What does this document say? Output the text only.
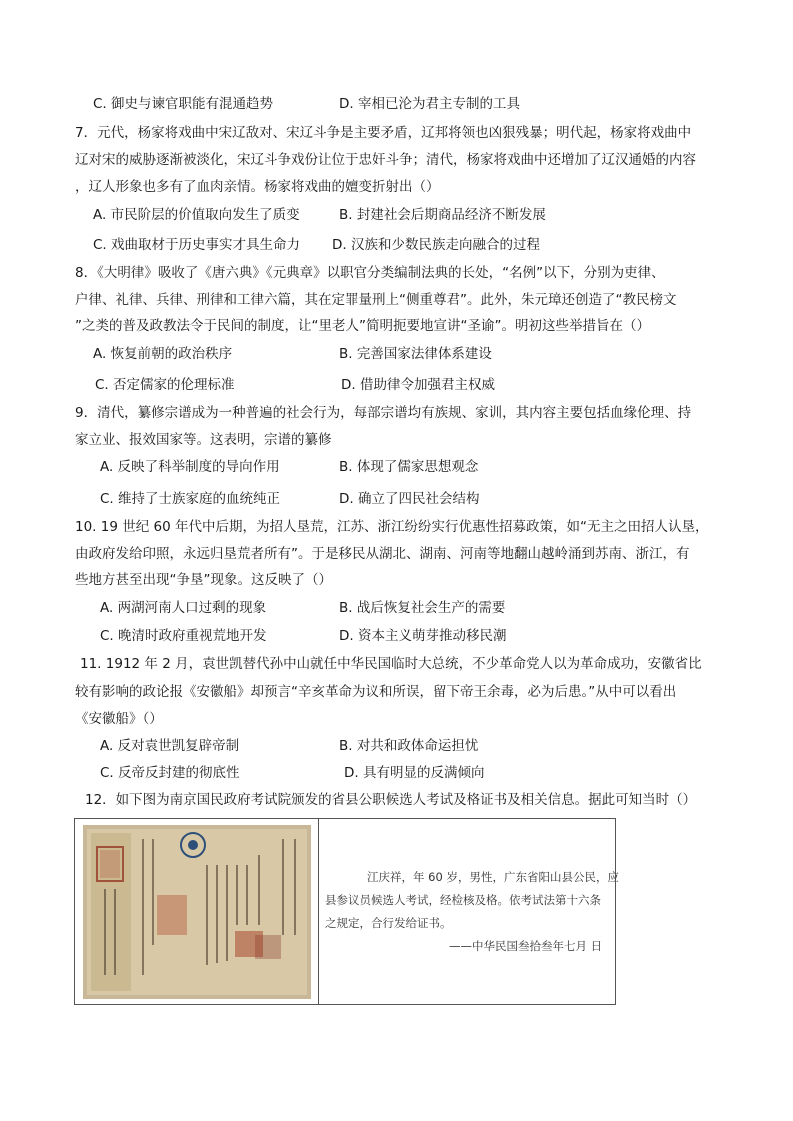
C. 御史与谏官职能有混通趋势	D. 宰相已沦为君主专制的工具
7．元代，杨家将戏曲中宋辽敌对、宋辽斗争是主要矛盾，辽邦将领也凶狠残暴；明代起，杨家将戏曲中
辽对宋的威胁逐渐被淡化，宋辽斗争戏份让位于忠奸斗争；清代，杨家将戏曲中还增加了辽汉通婚的内容
，辽人形象也多有了血肉亲情。杨家将戏曲的嬗变折射出（）
A. 市民阶层的价值取向发生了质变	B. 封建社会后期商品经济不断发展
C. 戏曲取材于历史事实才具生命力 D. 汉族和少数民族走向融合的过程
8．《大明律》吸收了《唐六典》《元典章》以职官分类编制法典的长处，“名例”以下，分别为吏律、
户律、礼律、兵律、刑律和工律六篇，其在定罪量刑上“侧重尊君”。此外，朱元璋还创造了“教民榜文
”之类的普及政教法令于民间的制度，让“里老人”简明扼要地宣讲“圣谕”。明初这些举措旨在（）
A. 恢复前朝的政治秩序	B. 完善国家法律体系建设
C. 否定儒家的伦理标准	D. 借助律令加强君主权威
9．清代，纂修宗谱成为一种普遍的社会行为，每部宗谱均有族规、家训，其内容主要包括血缘伦理、持
家立业、报效国家等。这表明，宗谱的纂修
A. 反映了科举制度的导向作用	B. 体现了儒家思想观念
C. 维持了士族家庭的血统纯正	D. 确立了四民社会结构
10. 19 世纪 60 年代中后期，为招人垦荒，江苏、浙江纷纷实行优惠性招募政策，如“无主之田招人认垦，
由政府发给印照，永远归垦荒者所有”。于是移民从湖北、湖南、河南等地翻山越岭涌到苏南、浙江，有
些地方甚至出现“争垦”现象。这反映了（）
A. 两湖河南人口过剩的现象	B. 战后恢复社会生产的需要
C. 晚清时政府重视荒地开发	D. 资本主义萌芽推动移民潮
11. 1912 年 2 月，袁世凯替代孙中山就任中华民国临时大总统，不少革命党人以为革命成功，安徽省比
较有影响的政论报《安徽船》却预言“辛亥革命为议和所误，留下帝王余毒，必为后患。”从中可以看出
《安徽船》（）
A. 反对袁世凯复辟帝制	B. 对共和政体命运担忧
C. 反帝反封建的彻底性	D. 具有明显的反满倾向
12．如下图为南京国民政府考试院颁发的省县公职候选人考试及格证书及相关信息。据此可知当时（）
江庆祥，年 60 岁，男性，广东省阳山县公民，应
县参议员候选人考试，经检核及格。依考试法第十六条
之规定，合行发给证书。
——中华民国叁拾叁年七月 日
